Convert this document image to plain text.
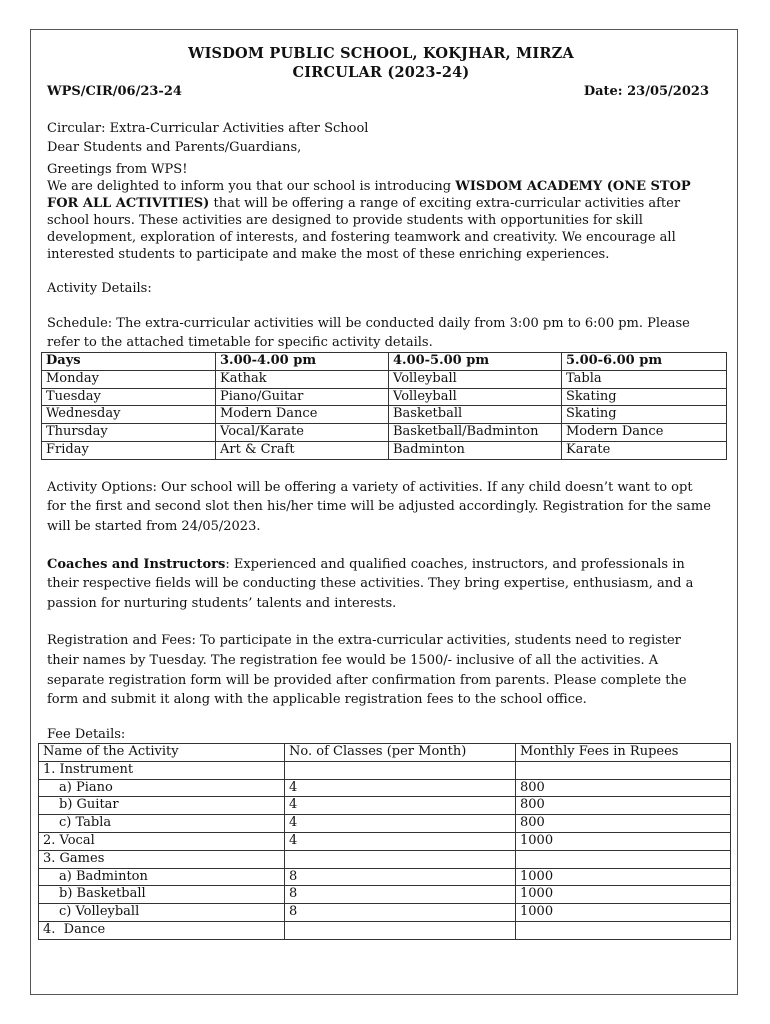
WISDOM PUBLIC SCHOOL, KOKJHAR, MIRZA
CIRCULAR (2023-24)
WPS/CIR/06/23-24	Date: 23/05/2023

Circular: Extra-Curricular Activities after School

Dear Students and Parents/Guardians,

Greetings from WPS!

We are delighted to inform you that our school is introducing WISDOM ACADEMY (ONE STOP FOR ALL ACTIVITIES) that will be offering a range of exciting extra-curricular activities after school hours. These activities are designed to provide students with opportunities for skill development, exploration of interests, and fostering teamwork and creativity. We encourage all interested students to participate and make the most of these enriching experiences.

Activity Details:

Schedule: The extra-curricular activities will be conducted daily from 3:00 pm to 6:00 pm. Please refer to the attached timetable for specific activity details.

Days	3.00-4.00 pm	4.00-5.00 pm	5.00-6.00 pm
Monday	Kathak	Volleyball	Tabla
Tuesday	Piano/Guitar	Volleyball	Skating
Wednesday	Modern Dance	Basketball	Skating
Thursday	Vocal/Karate	Basketball/Badminton	Modern Dance
Friday	Art & Craft	Badminton	Karate

Activity Options: Our school will be offering a variety of activities. If any child doesn’t want to opt for the first and second slot then his/her time will be adjusted accordingly. Registration for the same will be started from 24/05/2023.

Coaches and Instructors: Experienced and qualified coaches, instructors, and professionals in their respective fields will be conducting these activities. They bring expertise, enthusiasm, and a passion for nurturing students’ talents and interests.

Registration and Fees: To participate in the extra-curricular activities, students need to register their names by Tuesday. The registration fee would be 1500/- inclusive of all the activities. A separate registration form will be provided after confirmation from parents. Please complete the form and submit it along with the applicable registration fees to the school office.

Fee Details:

Name of the Activity	No. of Classes (per Month)	Monthly Fees in Rupees
1. Instrument		
a) Piano	4	800
b) Guitar	4	800
c) Tabla	4	800
2. Vocal	4	1000
3. Games		
a) Badminton	8	1000
b) Basketball	8	1000
c) Volleyball	8	1000
4.  Dance		
